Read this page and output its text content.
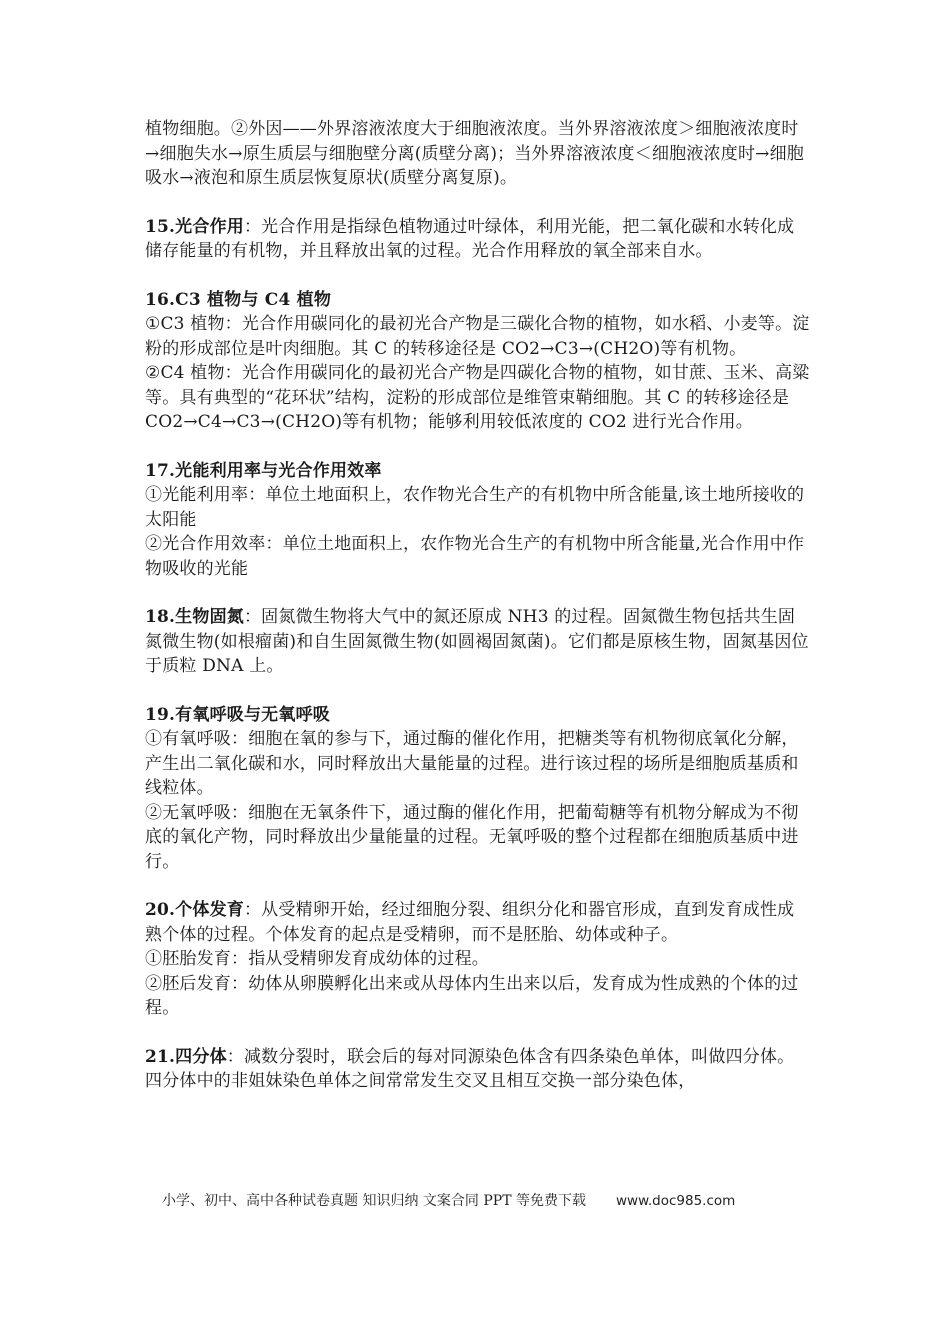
植物细胞。②外因——外界溶液浓度大于细胞液浓度。当外界溶液浓度＞细胞液浓度时→细胞失水→原生质层与细胞壁分离(质壁分离)；当外界溶液浓度＜细胞液浓度时→细胞吸水→液泡和原生质层恢复原状(质壁分离复原)。

15.光合作用：光合作用是指绿色植物通过叶绿体，利用光能，把二氧化碳和水转化成储存能量的有机物，并且释放出氧的过程。光合作用释放的氧全部来自水。

16.C3 植物与 C4 植物

①C3 植物：光合作用碳同化的最初光合产物是三碳化合物的植物，如水稻、小麦等。淀粉的形成部位是叶肉细胞。其 C 的转移途径是 CO2→C3→(CH2O)等有机物。

②C4 植物：光合作用碳同化的最初光合产物是四碳化合物的植物，如甘蔗、玉米、高粱等。具有典型的“花环状”结构，淀粉的形成部位是维管束鞘细胞。其 C 的转移途径是 CO2→C4→C3→(CH2O)等有机物；能够利用较低浓度的 CO2 进行光合作用。

17.光能利用率与光合作用效率

①光能利用率：单位土地面积上，农作物光合生产的有机物中所含能量,该土地所接收的太阳能

②光合作用效率：单位土地面积上，农作物光合生产的有机物中所含能量,光合作用中作物吸收的光能

18.生物固氮：固氮微生物将大气中的氮还原成 NH3 的过程。固氮微生物包括共生固氮微生物(如根瘤菌)和自生固氮微生物(如圆褐固氮菌)。它们都是原核生物，固氮基因位于质粒 DNA 上。

19.有氧呼吸与无氧呼吸

①有氧呼吸：细胞在氧的参与下，通过酶的催化作用，把糖类等有机物彻底氧化分解，产生出二氧化碳和水，同时释放出大量能量的过程。进行该过程的场所是细胞质基质和线粒体。

②无氧呼吸：细胞在无氧条件下，通过酶的催化作用，把葡萄糖等有机物分解成为不彻底的氧化产物，同时释放出少量能量的过程。无氧呼吸的整个过程都在细胞质基质中进行。

20.个体发育：从受精卵开始，经过细胞分裂、组织分化和器官形成，直到发育成性成熟个体的过程。个体发育的起点是受精卵，而不是胚胎、幼体或种子。

①胚胎发育：指从受精卵发育成幼体的过程。

②胚后发育：幼体从卵膜孵化出来或从母体内生出来以后，发育成为性成熟的个体的过程。

21.四分体：减数分裂时，联会后的每对同源染色体含有四条染色单体，叫做四分体。四分体中的非姐妹染色单体之间常常发生交叉且相互交换一部分染色体，

小学、初中、高中各种试卷真题 知识归纳 文案合同 PPT 等免费下载 www.doc985.com
